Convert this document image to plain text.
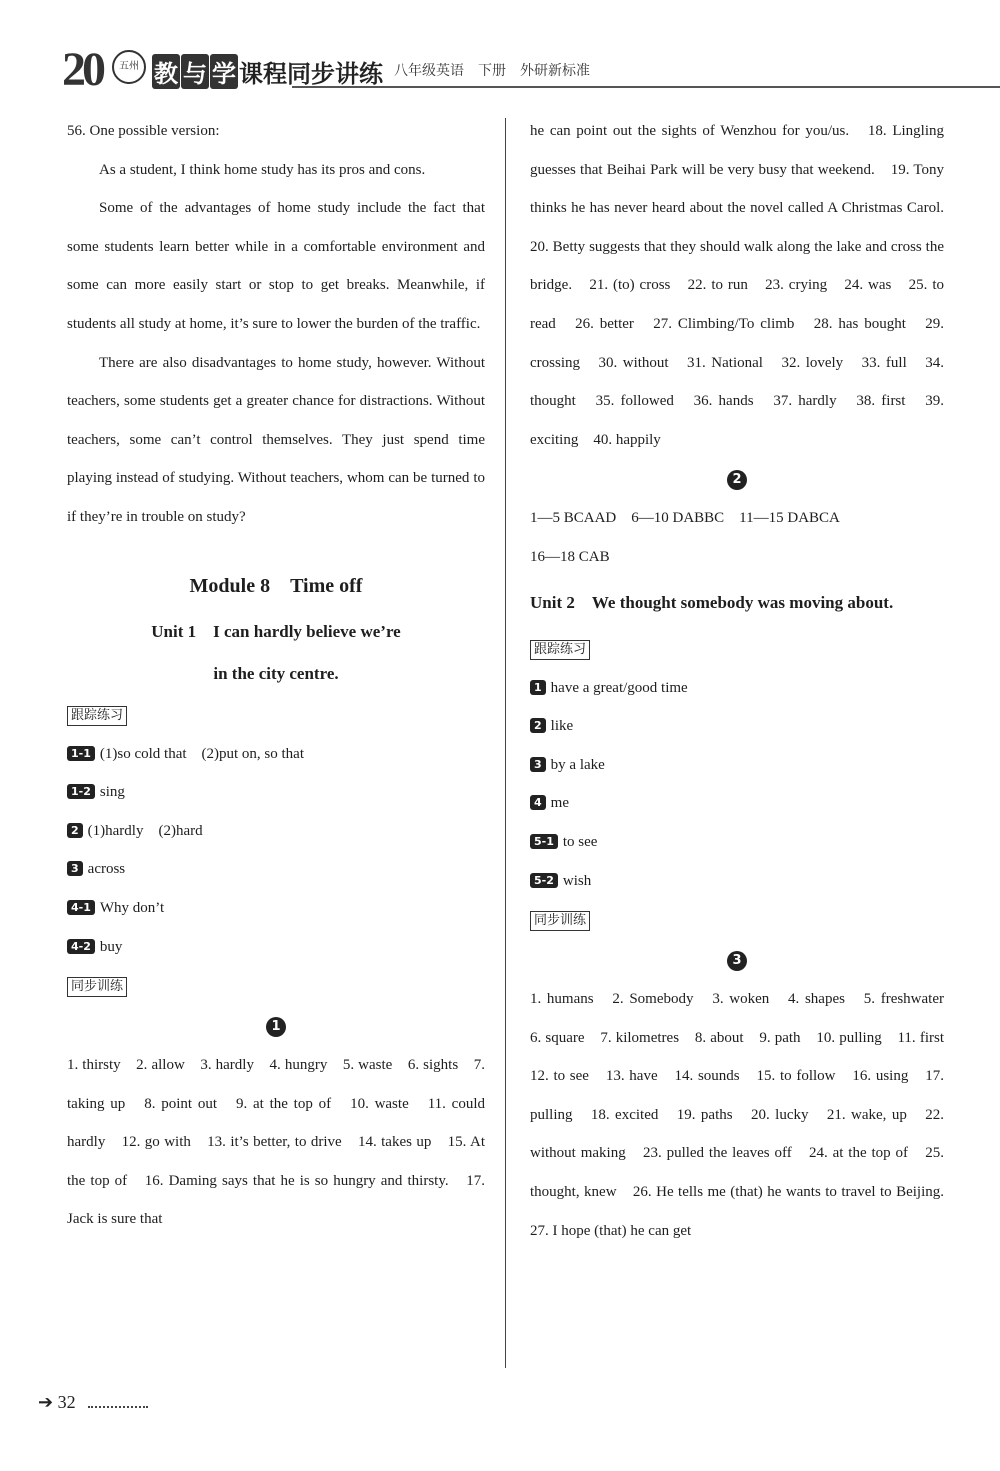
20	五州 教 与 学 课程同步讲练 八年级英语　下册　外研新标准

56. One possible version:

As a student, I think home study has its pros and cons.

Some of the advantages of home study include the fact that some students learn better while in a comfortable environment and some can more easily start or stop to get breaks. Meanwhile, if students all study at home, it’s sure to lower the burden of the traffic.

There are also disadvantages to home study, however. Without teachers, some students get a greater chance for distractions. Without teachers, some can’t control themselves. They just spend time playing instead of studying. Without teachers, whom can be turned to if they’re in trouble on study?

Module 8　Time off
Unit 1　I can hardly believe we’re
in the city centre.
跟踪练习
1-1 (1)so cold that　(2)put on, so that
1-2 sing
2 (1)hardly　(2)hard
3 across
4-1 Why don’t
4-2 buy
同步训练
1

1. thirsty　2. allow　3. hardly　4. hungry　5. waste　6. sights　7. taking up　8. point out　9. at the top of　10. waste　11. could hardly　12. go with　13. it’s better, to drive　14. takes up　15. At the top of　16. Daming says that he is so hungry and thirsty.　17. Jack is sure that

he can point out the sights of Wenzhou for you/us.　18. Lingling guesses that Beihai Park will be very busy that weekend.　19. Tony thinks he has never heard about the novel called A Christmas Carol.　20. Betty suggests that they should walk along the lake and cross the bridge.　21. (to) cross　22. to run　23. crying　24. was　25. to read　26. better　27. Climbing/To climb　28. has bought　29. crossing　30. without　31. National　32. lovely　33. full　34. thought　35. followed　36. hands　37. hardly　38. first　39. exciting　40. happily

2

1—5 BCAAD　6—10 DABBC　11—15 DABCA

16—18 CAB

Unit 2　We thought somebody was moving about.
跟踪练习
1 have a great/good time
2 like
3 by a lake
4 me
5-1 to see
5-2 wish
同步训练
3

1. humans　2. Somebody　3. woken　4. shapes　5. freshwater　6. square　7. kilometres　8. about　9. path　10. pulling　11. first　12. to see　13. have　14. sounds　15. to follow　16. using　17. pulling　18. excited　19. paths　20. lucky　21. wake, up　22. without making　23. pulled the leaves off　24. at the top of　25. thought, knew　26. He tells me (that) he wants to travel to Beijing.　27. I hope (that) he can get

➔ 32
